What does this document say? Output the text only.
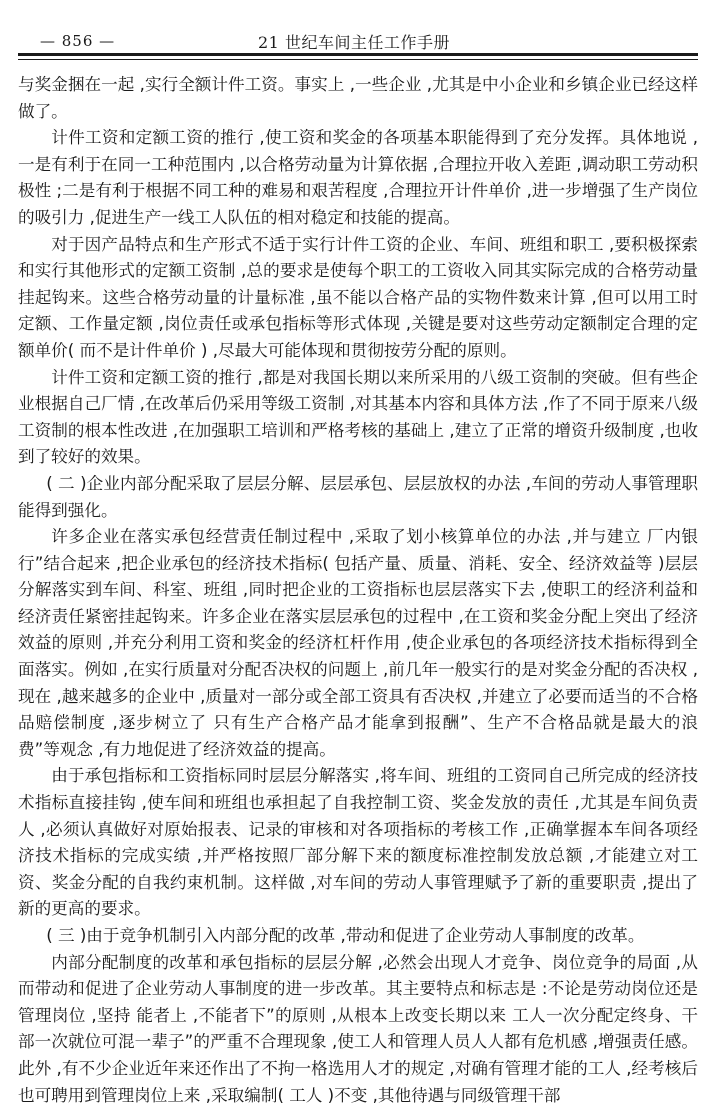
— 856 —	21 世纪车间主任工作手册

与奖金捆在一起 ,实行全额计件工资。事实上 ,一些企业 ,尤其是中小企业和乡镇企业已经这样做了。

计件工资和定额工资的推行 ,使工资和奖金的各项基本职能得到了充分发挥。具体地说 ,一是有利于在同一工种范围内 ,以合格劳动量为计算依据 ,合理拉开收入差距 ,调动职工劳动积极性 ;二是有利于根据不同工种的难易和艰苦程度 ,合理拉开计件单价 ,进一步增强了生产岗位的吸引力 ,促进生产一线工人队伍的相对稳定和技能的提高。

对于因产品特点和生产形式不适于实行计件工资的企业、车间、班组和职工 ,要积极探索和实行其他形式的定额工资制 ,总的要求是使每个职工的工资收入同其实际完成的合格劳动量挂起钩来。这些合格劳动量的计量标准 ,虽不能以合格产品的实物件数来计算 ,但可以用工时定额、工作量定额 ,岗位责任或承包指标等形式体现 ,关键是要对这些劳动定额制定合理的定额单价( 而不是计件单价 ) ,尽最大可能体现和贯彻按劳分配的原则。

计件工资和定额工资的推行 ,都是对我国长期以来所采用的八级工资制的突破。但有些企业根据自己厂情 ,在改革后仍采用等级工资制 ,对其基本内容和具体方法 ,作了不同于原来八级工资制的根本性改进 ,在加强职工培训和严格考核的基础上 ,建立了正常的增资升级制度 ,也收到了较好的效果。

( 二 )企业内部分配采取了层层分解、层层承包、层层放权的办法 ,车间的劳动人事管理职能得到强化。

许多企业在落实承包经营责任制过程中 ,采取了划小核算单位的办法 ,并与建立 厂内银行”结合起来 ,把企业承包的经济技术指标( 包括产量、质量、消耗、安全、经济效益等 )层层分解落实到车间、科室、班组 ,同时把企业的工资指标也层层落实下去 ,使职工的经济利益和经济责任紧密挂起钩来。许多企业在落实层层承包的过程中 ,在工资和奖金分配上突出了经济效益的原则 ,并充分利用工资和奖金的经济杠杆作用 ,使企业承包的各项经济技术指标得到全面落实。例如 ,在实行质量对分配否决权的问题上 ,前几年一般实行的是对奖金分配的否决权 ,现在 ,越来越多的企业中 ,质量对一部分或全部工资具有否决权 ,并建立了必要而适当的不合格品赔偿制度 ,逐步树立了 只有生产合格产品才能拿到报酬”、生产不合格品就是最大的浪费”等观念 ,有力地促进了经济效益的提高。

由于承包指标和工资指标同时层层分解落实 ,将车间、班组的工资同自己所完成的经济技术指标直接挂钩 ,使车间和班组也承担起了自我控制工资、奖金发放的责任 ,尤其是车间负责人 ,必须认真做好对原始报表、记录的审核和对各项指标的考核工作 ,正确掌握本车间各项经济技术指标的完成实绩 ,并严格按照厂部分解下来的额度标准控制发放总额 ,才能建立对工资、奖金分配的自我约束机制。这样做 ,对车间的劳动人事管理赋予了新的重要职责 ,提出了新的更高的要求。

( 三 )由于竞争机制引入内部分配的改革 ,带动和促进了企业劳动人事制度的改革。

内部分配制度的改革和承包指标的层层分解 ,必然会出现人才竞争、岗位竞争的局面 ,从而带动和促进了企业劳动人事制度的进一步改革。其主要特点和标志是 :不论是劳动岗位还是管理岗位 ,坚持 能者上 ,不能者下”的原则 ,从根本上改变长期以来 工人一次分配定终身、干部一次就位可混一辈子”的严重不合理现象 ,使工人和管理人员人人都有危机感 ,增强责任感。此外 ,有不少企业近年来还作出了不拘一格选用人才的规定 ,对确有管理才能的工人 ,经考核后也可聘用到管理岗位上来 ,采取编制( 工人 )不变 ,其他待遇与同级管理干部
